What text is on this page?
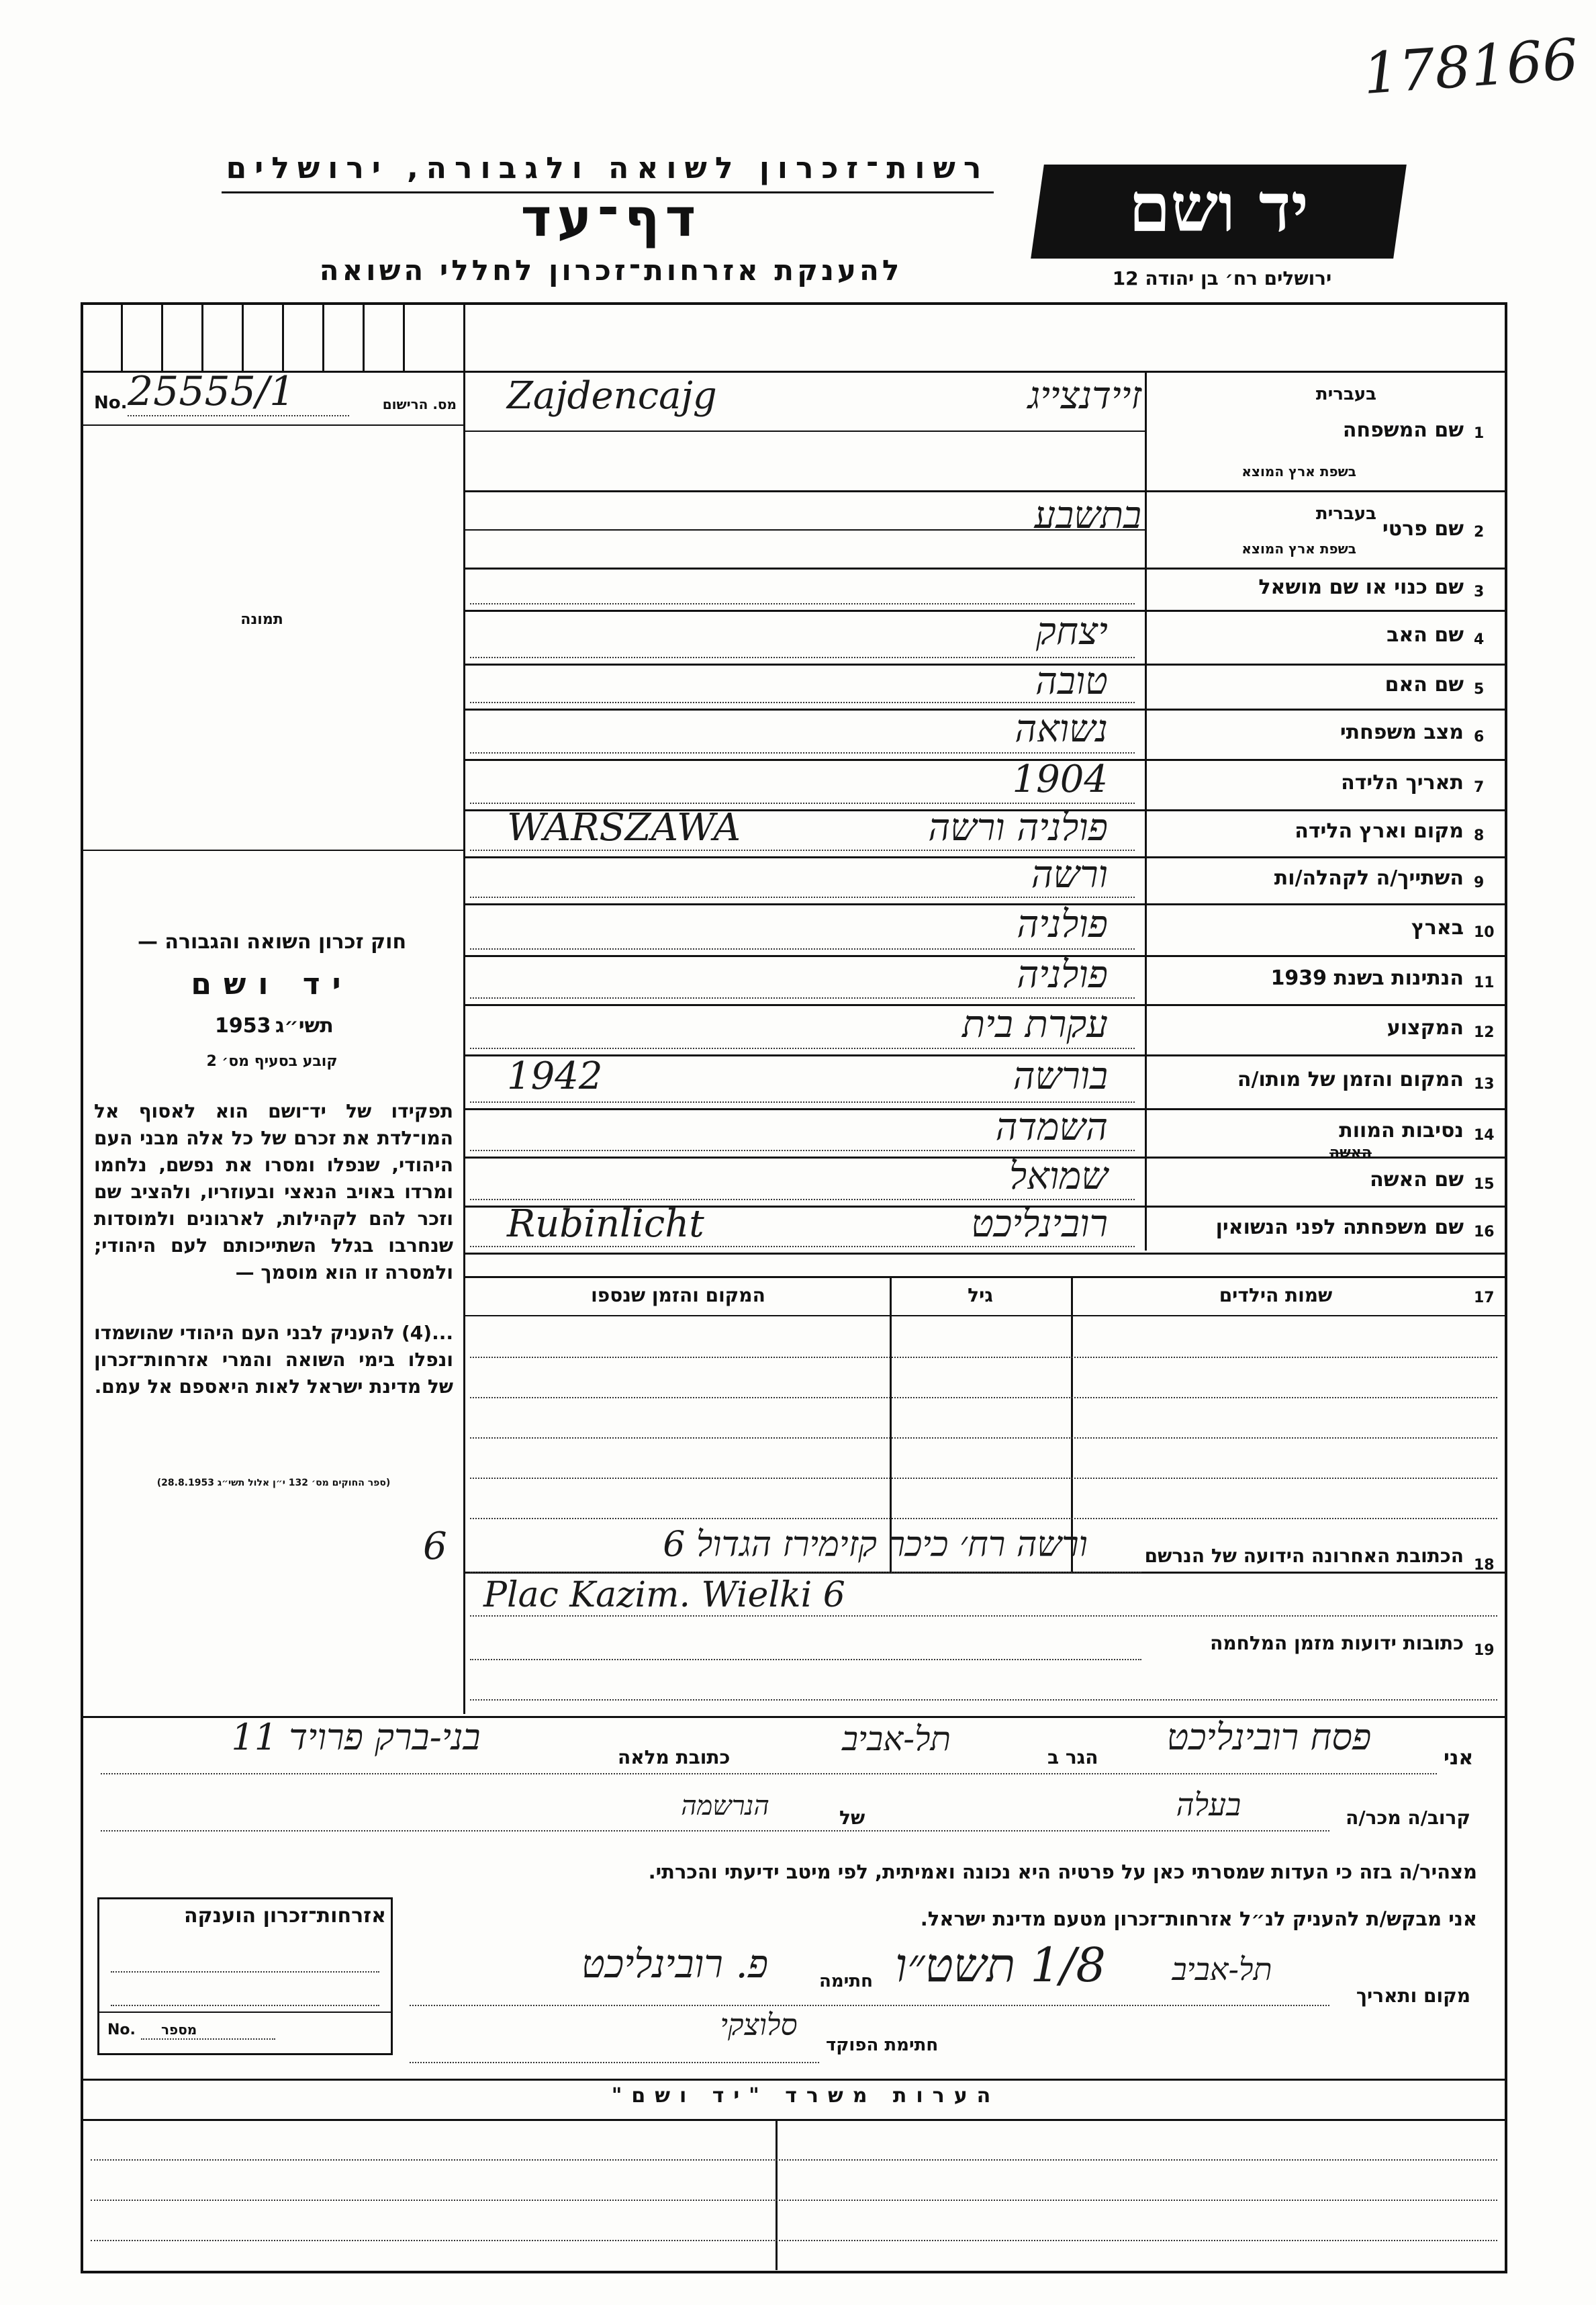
178166
רשות־זכרון לשואה ולגבורה, ירושלים
דף־עד
להענקת אזרחות־זכרון לחללי השואה
יד ושם
ירושלים רח׳ בן יהודה 12
No. 25555/1	מס. הרישום
תמונה
חוק זכרון השואה והגבורה —
יד ושם
1953 תשי״ג
קובע בסעיף מס׳ 2
תפקידו של יד־ושם הוא לאסוף אל המו־לדת את זכרם של כל אלה מבני העם היהודי, שנפלו ומסרו את נפשם, נלחמו ומרדו באויב הנאצי ובעוזריו, ולהציב שם וזכר להם לקהילות, לארגונים ולמוסדות שנחרבו בגלל השתייכותם לעם היהודי; ולמסרה זו הוא מוסמך —
...(4) להעניק לבני העם היהודי שהושמדו ונפלו בימי השואה והמרי אזרחות־זכרון של מדינת ישראל לאות היאספם אל עמם.
(ספר החוקים מס׳ 132 י״ן אלול תשי״ג 28.8.1953)
1
שם המשפחה
בעברית
בשפת ארץ המוצא
זיידנצייג
Zajdencajg
2
שם פרטי
בעברית
בשפת ארץ המוצא
בתשבע
3
שם כנוי או שם מושאל
4
שם האב
יצחק
5
שם האם
טובה
6
מצב משפחתי
נשואה
7
תאריך הלידה
1904
8
מקום וארץ הלידה
פולניה ורשה
WARSZAWA
9
השתייך/ה לקהלה/ות
ורשה
10
בארץ
פולניה
11
הנתינות בשנת 1939
פולניה
12
המקצוע
עקרת בית
13
המקום והזמן של מותו/ה
בורשה
1942
14
נסיבות המוות
השמדה
15
שם האשה
שמואל
האשה
16
שם משפחתה לפני הנשואין
רובינליכט
Rubinlicht
17
שמות הילדים
גיל
המקום והזמן שנספו
18
הכתובת האחרונה הידועה של הנרשם
ורשה רח׳ כיכר קזימירז הגדול 6
6
Plac Kazim. Wielki 6
19
כתובות ידועות מזמן המלחמה
אני
פסח רובינליכט
הגר ב
תל-אביב
כתובת מלאה
בני-ברק פרויד 11
קרוב/ה מכר/ה
בעלה
של
הנרשמה
מצהיר/ה בזה כי העדות שמסרתי כאן על פרטיה היא נכונה ואמיתית, לפי מיטב ידיעתי והכרתי.
אני מבקש/ת להעניק לנ״ל אזרחות־זכרון מטעם מדינת ישראל.
מקום ותאריך
תל-אביב
1/8 תשט״ו
חתימה
פ. רובינליכט
סלוצקי
חתימת הפוקד
אזרחות־זכרון הוענקה
No. מספר
הערות משרד "יד ושם"
